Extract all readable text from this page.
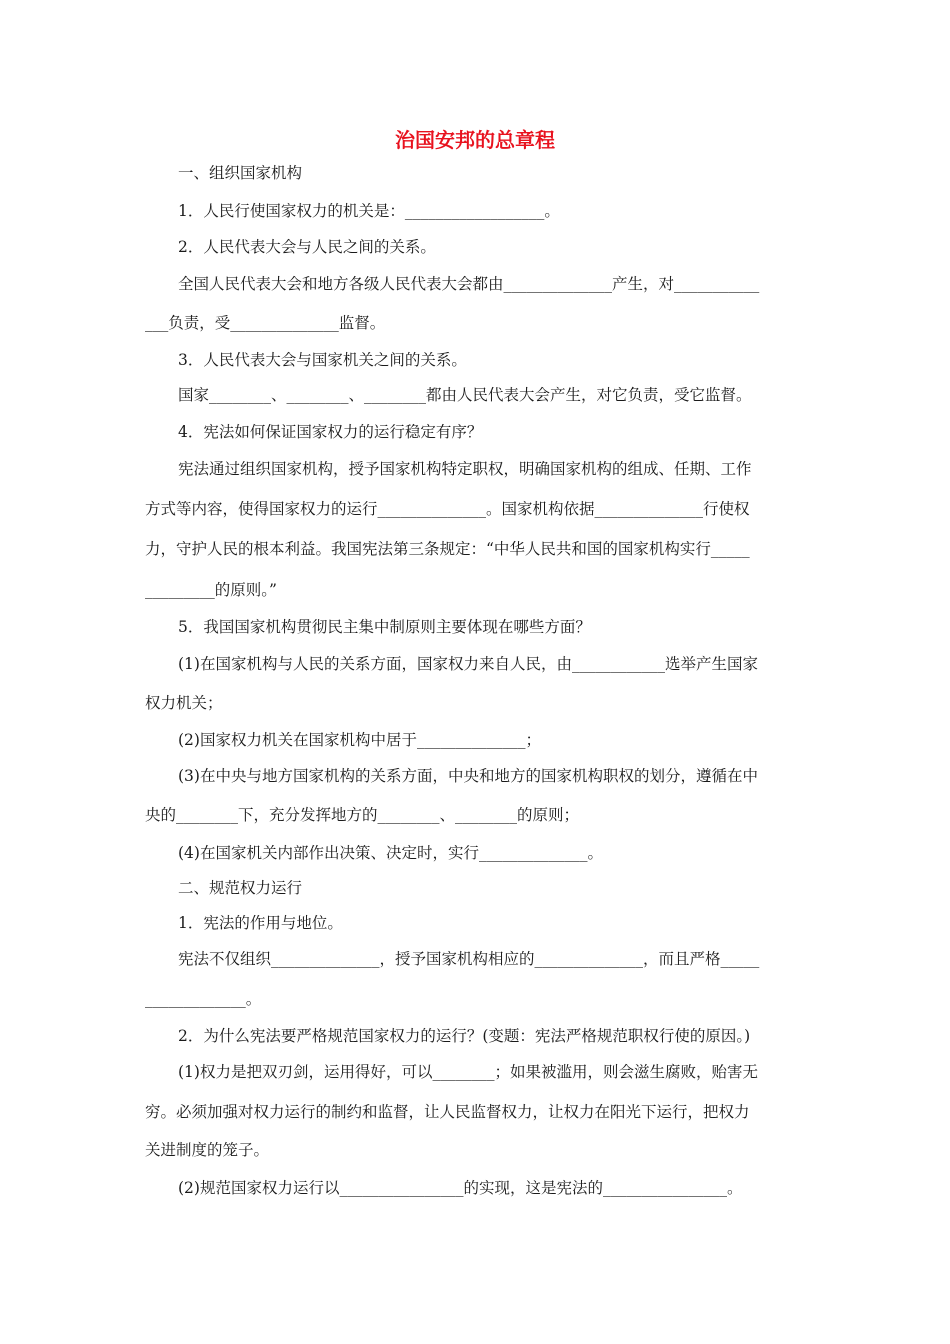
治国安邦的总章程
一、组织国家机构
1．人民行使国家权力的机关是：__________________。
2．人民代表大会与人民之间的关系。
全国人民代表大会和地方各级人民代表大会都由______________产生，对___________
___负责，受______________监督。
3．人民代表大会与国家机关之间的关系。
国家________、________、________都由人民代表大会产生，对它负责，受它监督。
4．宪法如何保证国家权力的运行稳定有序？
宪法通过组织国家机构，授予国家机构特定职权，明确国家机构的组成、任期、工作
方式等内容，使得国家权力的运行______________。国家机构依据______________行使权
力，守护人民的根本利益。我国宪法第三条规定：“中华人民共和国的国家机构实行_____
_________的原则。”
5．我国国家机构贯彻民主集中制原则主要体现在哪些方面？
(1)在国家机构与人民的关系方面，国家权力来自人民，由____________选举产生国家
权力机关；
(2)国家权力机关在国家机构中居于______________；
(3)在中央与地方国家机构的关系方面，中央和地方的国家机构职权的划分，遵循在中
央的________下，充分发挥地方的________、________的原则；
(4)在国家机关内部作出决策、决定时，实行______________。
二、规范权力运行
1．宪法的作用与地位。
宪法不仅组织______________，授予国家机构相应的______________，而且严格_____
_____________。
2．为什么宪法要严格规范国家权力的运行？(变题：宪法严格规范职权行使的原因。)
(1)权力是把双刃剑，运用得好，可以________；如果被滥用，则会滋生腐败，贻害无
穷。必须加强对权力运行的制约和监督，让人民监督权力，让权力在阳光下运行，把权力
关进制度的笼子。
(2)规范国家权力运行以________________的实现，这是宪法的________________。
